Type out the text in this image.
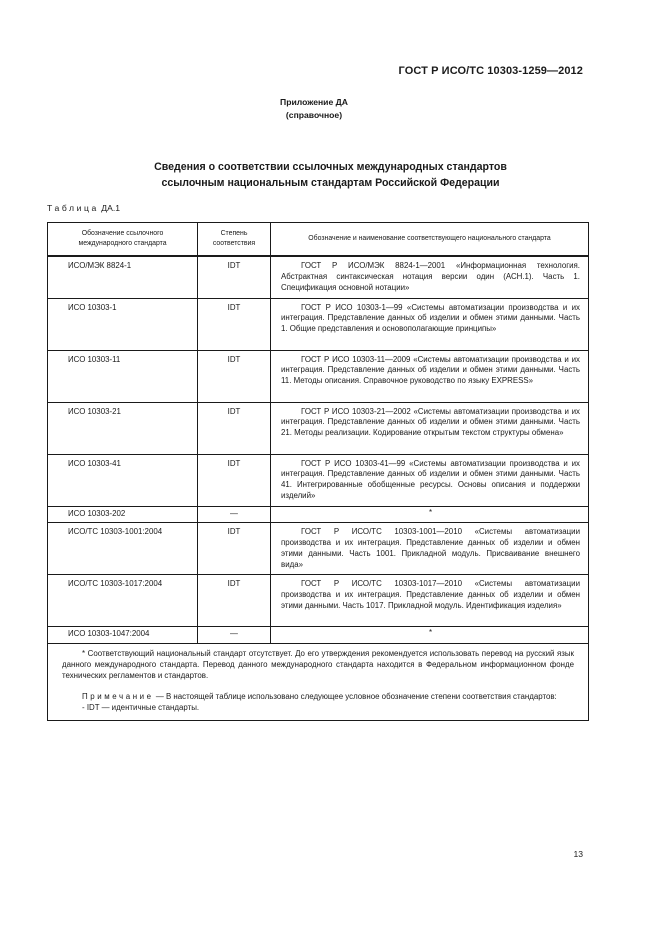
ГОСТ Р ИСО/ТС 10303-1259—2012
Приложение ДА
(справочное)
Сведения о соответствии ссылочных международных стандартов
ссылочным национальным стандартам Российской Федерации
Таблица ДА.1
Обозначение ссылочного международного стандарта	Степень соответствия	Обозначение и наименование соответствующего национального стандарта
ИСО/МЭК 8824-1	IDT	ГОСТ Р ИСО/МЭК 8824-1—2001 «Информационная технология. Абстрактная синтаксическая нотация версии один (АСН.1). Часть 1. Спецификация основной нотации»

ИСО 10303-1	IDT	ГОСТ Р ИСО 10303-1—99 «Системы автоматизации производства и их интеграция. Представление данных об изделии и обмен этими данными. Часть 1. Общие представления и основополагающие принципы»

ИСО 10303-11	IDT	ГОСТ Р ИСО 10303-11—2009 «Системы автоматизации производства и их интеграция. Представление данных об изделии и обмен этими данными. Часть 11. Методы описания. Справочное руководство по языку EXPRESS»

ИСО 10303-21	IDT	ГОСТ Р ИСО 10303-21—2002 «Системы автоматизации производства и их интеграция. Представление данных об изделии и обмен этими данными. Часть 21. Методы реализации. Кодирование открытым текстом структуры обмена»

ИСО 10303-41	IDT	ГОСТ Р ИСО 10303-41—99 «Системы автоматизации производства и их интеграция. Представление данных об изделии и обмен этими данными. Часть 41. Интегрированные обобщенные ресурсы. Основы описания и поддержки изделий»

ИСО 10303-202	—	*
ИСО/ТС 10303-1001:2004	IDT	ГОСТ Р ИСО/ТС 10303-1001—2010 «Системы автоматизации производства и их интеграция. Представление данных об изделии и обмен этими данными. Часть 1001. Прикладной модуль. Присваивание внешнего вида»

ИСО/ТС 10303-1017:2004	IDT	ГОСТ Р ИСО/ТС 10303-1017—2010 «Системы автоматизации производства и их интеграция. Представление данных об изделии и обмен этими данными. Часть 1017. Прикладной модуль. Идентификация изделия»

ИСО 10303-1047:2004	—	*

* Соответствующий национальный стандарт отсутствует. До его утверждения рекомендуется использовать перевод на русский язык данного международного стандарта. Перевод данного международного стандарта находится в Федеральном информационном фонде технических регламентов и стандартов.

Примечание — В настоящей таблице использовано следующее условное обозначение степени соответствия стандартов:

- IDT — идентичные стандарты.		

13
